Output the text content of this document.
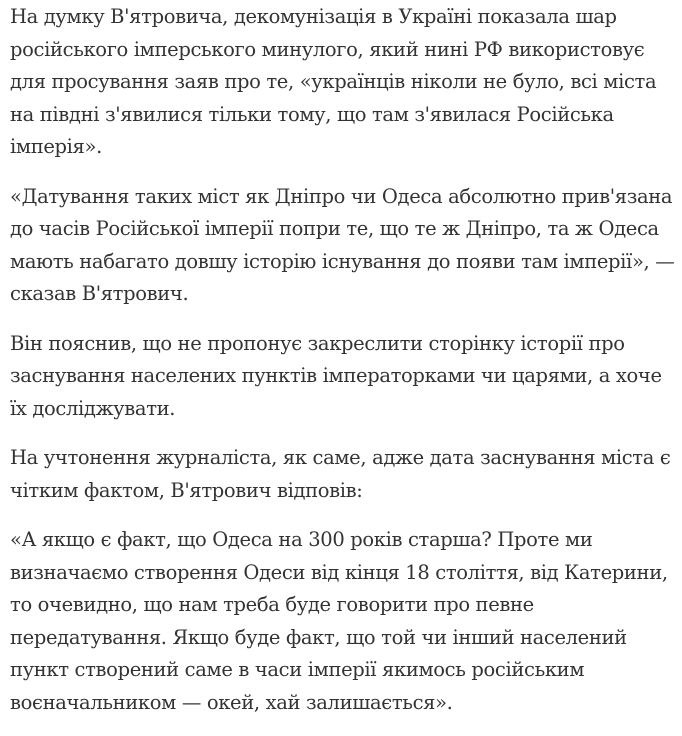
На думку В'ятровича, декомунізація в Україні показала шар російського імперського минулого, який нині РФ використовує для просування заяв про те, «українців ніколи не було, всі міста на півдні з'явилися тільки тому, що там з'явилася Російська імперія».

«Датування таких міст як Дніпро чи Одеса абсолютно прив'язана до часів Російської імперії попри те, що те ж Дніпро, та ж Одеса мають набагато довшу історію існування до появи там імперії», — сказав В'ятрович.

Він пояснив, що не пропонує закреслити сторінку історії про заснування населених пунктів імператорками чи царями, а хоче їх досліджувати.

На учтонення журналіста, як саме, адже дата заснування міста є чітким фактом, В'ятрович відповів:

«А якщо є факт, що Одеса на 300 років старша? Проте ми визначаємо створення Одеси від кінця 18 століття, від Катерини, то очевидно, що нам треба буде говорити про певне передатування. Якщо буде факт, що той чи інший населений пункт створений саме в часи імперії якимось російським воєначальником — окей, хай залишається».
